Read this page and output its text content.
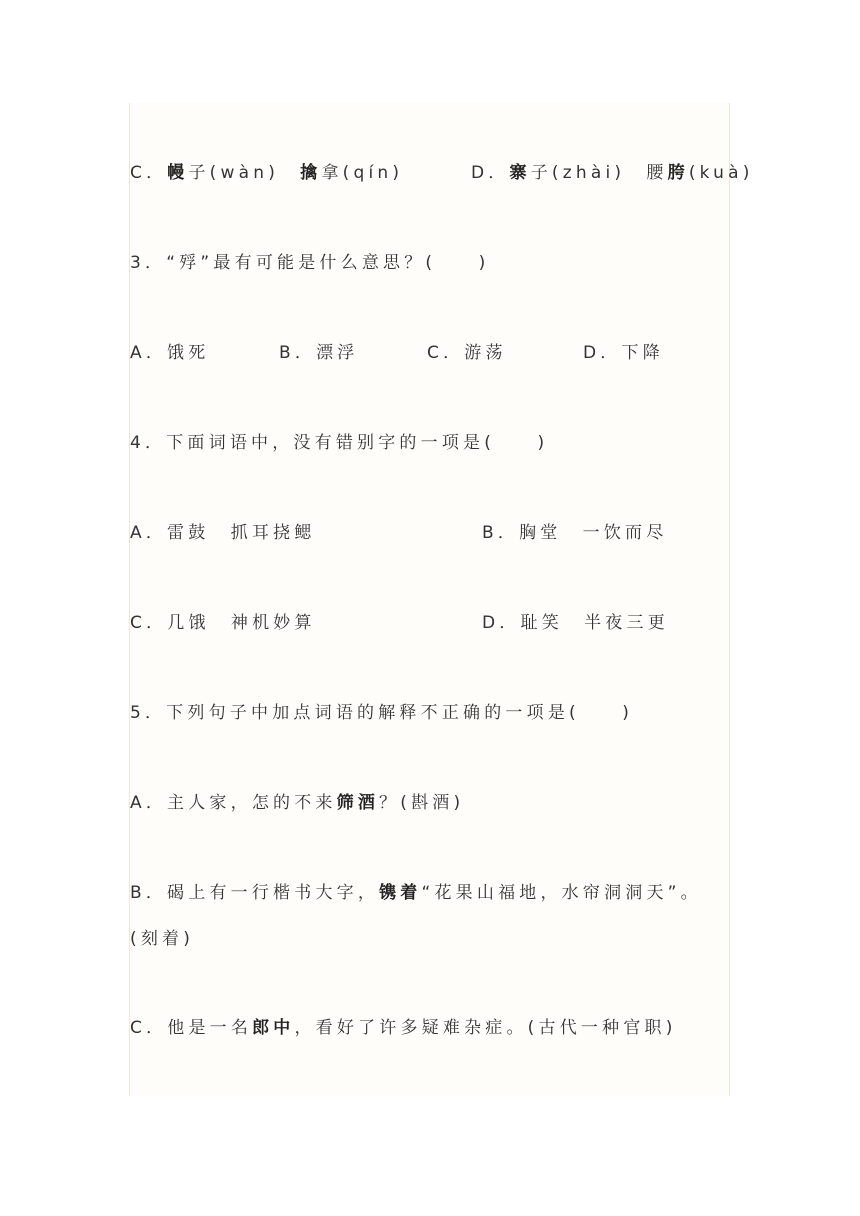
C．幔子(wàn)　 擒拿(qín)	D．寨子(zhài)　 腰胯(kuà)
3．“殍”最有可能是什么意思？(　　)
A．饿死	B．漂浮	C．游荡	D．下降
4．下面词语中，没有错别字的一项是(　　)
A．雷鼓　抓耳挠鳃	B．胸堂　一饮而尽
C．几饿　神机妙算	D．耻笑　半夜三更
5．下列句子中加点词语的解释不正确的一项是(　　)
A．主人家，怎的不来筛酒？(斟酒)
B．碣上有一行楷书大字，镌着“花果山福地，水帘洞洞天”。
(刻着)
C．他是一名郎中，看好了许多疑难杂症。(古代一种官职)
